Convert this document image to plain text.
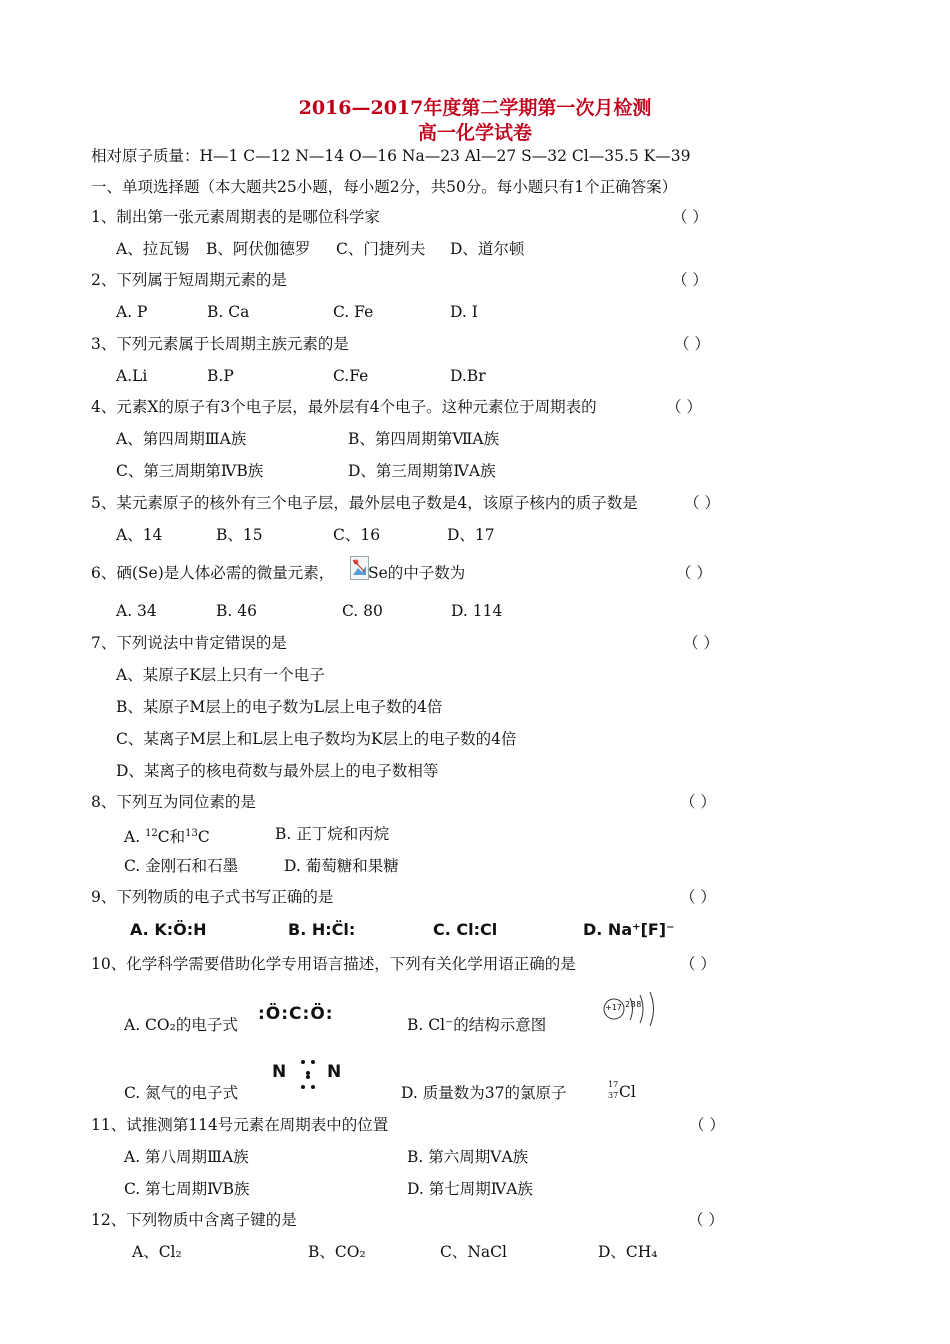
2016—2017年度第二学期第一次月检测
高一化学试卷
相对原子质量：H—1 C—12 N—14 O—16 Na—23 Al—27 S—32 Cl—35.5 K—39
一、单项选择题（本大题共25小题，每小题2分，共50分。每小题只有1个正确答案）
1、制出第一张元素周期表的是哪位科学家	（ ）
A、拉瓦锡 B、阿伏伽德罗 C、门捷列夫 D、道尔顿
2、下列属于短周期元素的是	（ ）
A. P	B. Ca	C. Fe	D. I
3、下列元素属于长周期主族元素的是	（ ）
A.Li	B.P	C.Fe	D.Br
4、元素X的原子有3个电子层，最外层有4个电子。这种元素位于周期表的	（ ）
A、第四周期ⅢA族	B、第四周期第ⅦA族
C、第三周期第ⅣB族	D、第三周期第ⅣA族
5、某元素原子的核外有三个电子层，最外层电子数是4，该原子核内的质子数是	（ ）
A、14	B、15	C、16	D、17
6、硒(Se)是人体必需的微量元素， Se的中子数为	（ ）
A. 34	B. 46	C. 80	D. 114
7、下列说法中肯定错误的是	（ ）
A、某原子K层上只有一个电子
B、某原子M层上的电子数为L层上电子数的4倍
C、某离子M层上和L层上电子数均为K层上的电子数的4倍
D、某离子的核电荷数与最外层上的电子数相等
8、下列互为同位素的是	（ ）
A. $^{12}$C和$^{13}$C	B. 正丁烷和丙烷
C. 金刚石和石墨	D. 葡萄糖和果糖
9、下列物质的电子式书写正确的是	（ ）
A. K:Ö:H	B. H:C̈l:	C. Cl:Cl	D. Na⁺[F]⁻
10、化学科学需要借助化学专用语言描述，下列有关化学用语正确的是	（ ）
A. CO₂的电子式
:Ö:C:Ö:
B. Cl⁻的结构示意图
+17 2 8 8
C. 氮气的电子式
N N
D. 质量数为37的氯原子	17
37 Cl
11、试推测第114号元素在周期表中的位置	（ ）
A. 第八周期ⅢA族	B. 第六周期ⅤA族
C. 第七周期ⅣB族	D. 第七周期ⅣA族
12、下列物质中含离子键的是	（ ）
A、Cl₂	B、CO₂	C、NaCl	D、CH₄
